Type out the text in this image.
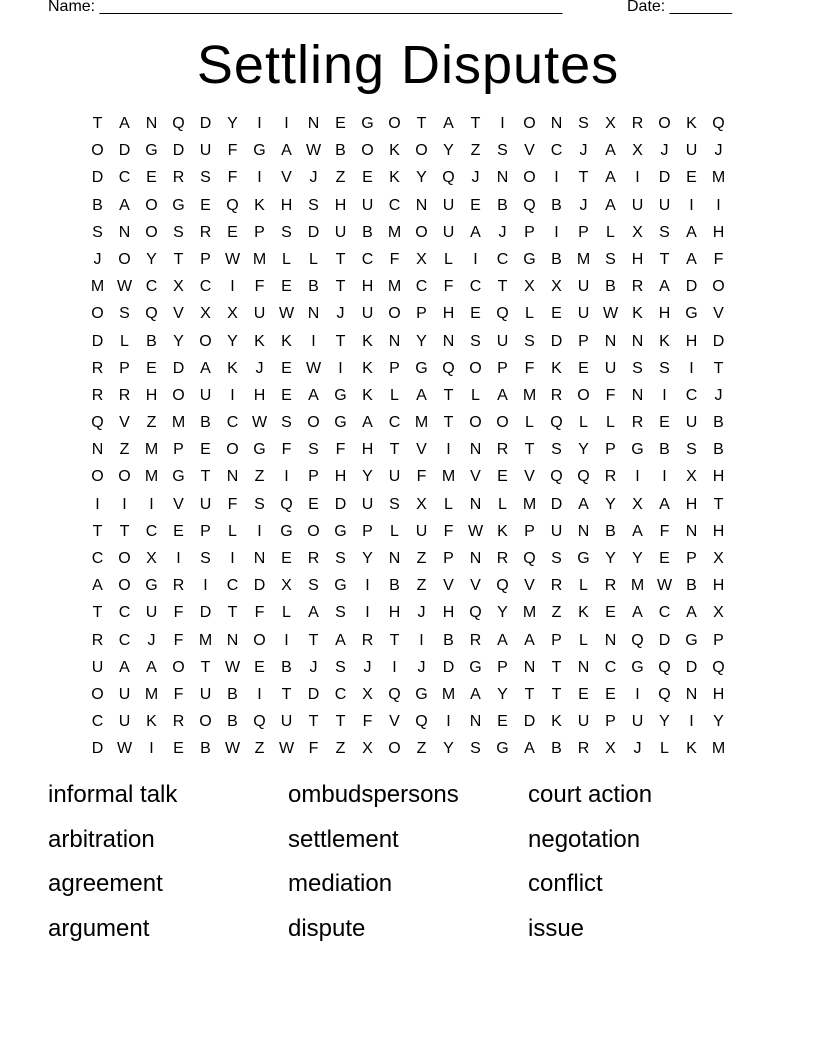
Name: ____________________________________________________	Date: _______
Settling Disputes
T	A N Q D Y	I	I	N E G O T	A	T	I	O N S	X R O K Q
O D G D U	F G A W B O K O Y	Z	S	V C	J	A	X	J	U	J
D C E R S	F	I	V	J	Z	E	K	Y Q	J	N O	I	T	A	I	D E M
B	A O G E Q K H S H U C N U E	B Q B	J	A U U	I	I
S N O S R E	P	S D U B M O U A	J	P	I	P	L	X	S	A H
J	O Y	T	P W M L	L	T	C	F	X	L	I	C G B M S H	T	A	F
M W C X C	I	F	E	B	T	H M C	F	C	T	X	X U B R A D O
O S Q V	X	X U W N	J	U O P H E Q	L	E U W K H G V
D	L	B	Y O Y	K	K	I	T	K N Y N S U S D P N N K H D
R P	E D A	K	J	E W	I	K	P G Q O P	F	K	E U S	S	I	T
R R H O U	I	H E	A G K	L	A	T	L	A M R O F	N	I	C	J
Q V	Z M B C W S O G A C M T O O	L	Q	L	L	R E U B
N	Z M P	E O G F	S	F	H	T	V	I	N R	T	S	Y	P G B	S	B
O O M G T	N	Z	I	P H Y U	F M V	E	V Q Q R	I	I	X H
I	I	I	V U	F	S Q E D U S	X	L	N	L M D A	Y	X	A H	T
T	T	C E	P	L	I	G O G P	L	U	F W K	P U N B	A	F	N H
C O X	I	S	I	N E R S	Y N	Z	P N R Q S G Y	Y	E	P	X
A O G R	I	C D X	S G	I	B	Z	V	V Q V R	L	R M W B H
T	C U	F	D	T	F	L	A	S	I	H	J	H Q Y M Z	K	E	A C A	X
R C	J	F M N O	I	T	A R	T	I	B R A	A	P	L	N Q D G P
U A	A O T W E	B	J	S	J	I	J	D G P N	T	N C G Q D Q
O U M F	U B	I	T	D C X Q G M A	Y	T	T	E	E	I	Q N H
C U K R O B Q U	T	T	F	V Q	I	N E D K U P U Y	I	Y
D W	I	E	B W Z W F	Z	X O Z	Y	S G A	B R X	J	L	K M
informal talk	ombudspersons	court action
arbitration	settlement	negotation
agreement	mediation	conflict
argument	dispute	issue
